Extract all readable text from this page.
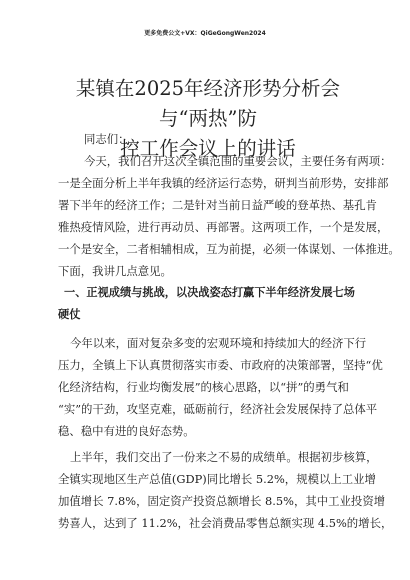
更多免费公文+VX：QiGeGongWen2024
某镇在2025年经济形势分析会与“两热”防
控工作会议上的讲话
同志们：
今天，我们召开这次全镇范围的重要会议，主要任务有两项：
一是全面分析上半年我镇的经济运行态势，研判当前形势，安排部
署下半年的经济工作；二是针对当前日益严峻的登革热、基孔肯
雅热疫情风险，进行再动员、再部署。这两项工作，一个是发展，
一个是安全，二者相辅相成，互为前提，必须一体谋划、一体推进。
下面，我讲几点意见。
一、正视成绩与挑战，以决战姿态打赢下半年经济发展七场
硬仗
今年以来，面对复杂多变的宏观环境和持续加大的经济下行
压力，全镇上下认真贯彻落实市委、市政府的决策部署，坚持“优
化经济结构，行业均衡发展”的核心思路，以“拼”的勇气和
“实”的干劲，攻坚克难，砥砺前行，经济社会发展保持了总体平
稳、稳中有进的良好态势。
上半年，我们交出了一份来之不易的成绩单。根据初步核算，
全镇实现地区生产总值(GDP)同比增长 5.2%，规模以上工业增
加值增长 7.8%，固定资产投资总额增长 8.5%，其中工业投资增
势喜人，达到了 11.2%，社会消费品零售总额实现 4.5%的增长，
